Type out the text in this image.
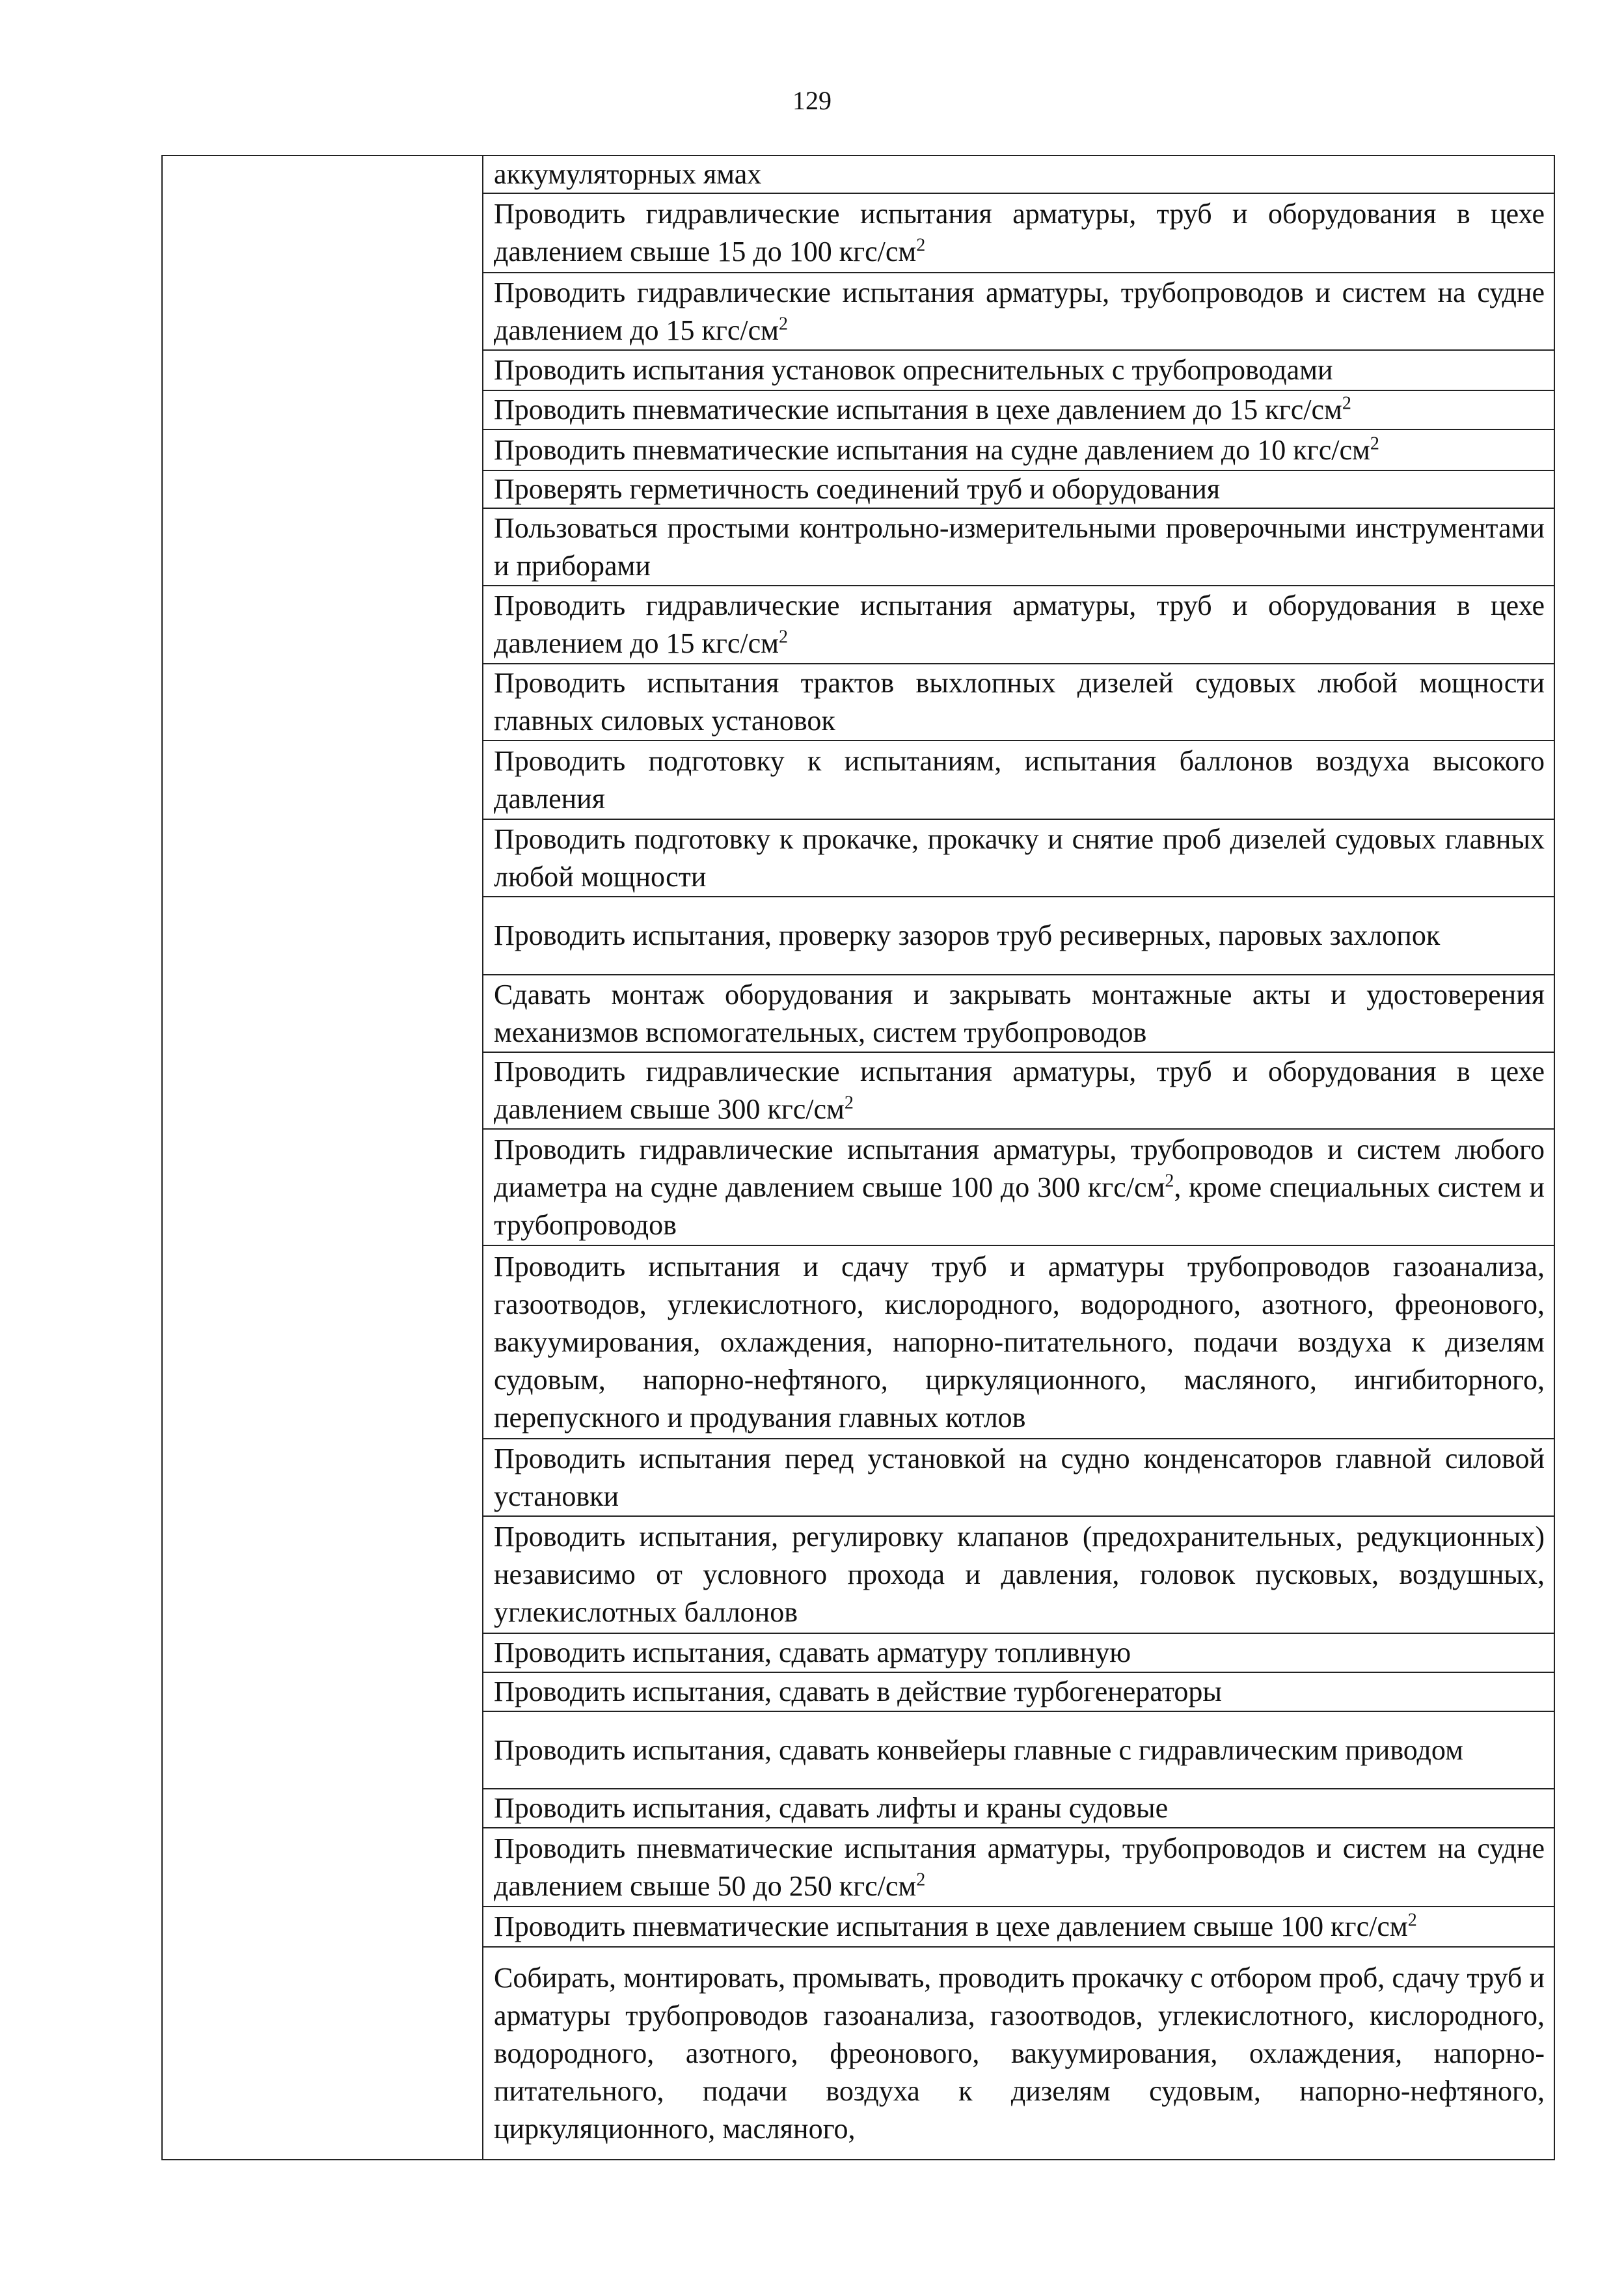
129
аккумуляторных ямах
Проводить гидравлические испытания арматуры, труб и оборудования в цехе давлением свыше 15 до 100 кгс/$см^2$
Проводить гидравлические испытания арматуры, трубопроводов и систем на судне давлением до 15 кгс/$см^2$
Проводить испытания установок опреснительных с трубопроводами
Проводить пневматические испытания в цехе давлением до 15 кгс/$см^2$
Проводить пневматические испытания на судне давлением до 10 кгс/$см^2$
Проверять герметичность соединений труб и оборудования
Пользоваться простыми контрольно-измерительными проверочными инструментами и приборами
Проводить гидравлические испытания арматуры, труб и оборудования в цехе давлением до 15 кгс/$см^2$
Проводить испытания трактов выхлопных дизелей судовых любой мощности главных силовых установок
Проводить подготовку к испытаниям, испытания баллонов воздуха высокого давления
Проводить подготовку к прокачке, прокачку и снятие проб дизелей судовых главных любой мощности
Проводить испытания, проверку зазоров труб ресиверных, паровых захлопок
Сдавать монтаж оборудования и закрывать монтажные акты и удостоверения механизмов вспомогательных, систем трубопроводов
Проводить гидравлические испытания арматуры, труб и оборудования в цехе давлением свыше 300 кгс/$см^2$
Проводить гидравлические испытания арматуры, трубопроводов и систем любого диаметра на судне давлением свыше 100 до 300 кгс/$см^2$, кроме специальных систем и трубопроводов
Проводить испытания и сдачу труб и арматуры трубопроводов газоанализа, газоотводов, углекислотного, кислородного, водородного, азотного, фреонового, вакуумирования, охлаждения, напорно-питательного, подачи воздуха к дизелям судовым, напорно-нефтяного, циркуляционного, масляного, ингибиторного, перепускного и продувания главных котлов
Проводить испытания перед установкой на судно конденсаторов главной силовой установки
Проводить испытания, регулировку клапанов (предохранительных, редукционных) независимо от условного прохода и давления, головок пусковых, воздушных, углекислотных баллонов
Проводить испытания, сдавать арматуру топливную
Проводить испытания, сдавать в действие турбогенераторы
Проводить испытания, сдавать конвейеры главные с гидравлическим приводом
Проводить испытания, сдавать лифты и краны судовые
Проводить пневматические испытания арматуры, трубопроводов и систем на судне давлением свыше 50 до 250 кгс/$см^2$
Проводить пневматические испытания в цехе давлением свыше 100 кгс/$см^2$
Собирать, монтировать, промывать, проводить прокачку с отбором проб, сдачу труб и арматуры трубопроводов газоанализа, газоотводов, углекислотного, кислородного, водородного, азотного, фреонового, вакуумирования, охлаждения, напорно-питательного, подачи воздуха к дизелям судовым, напорно-нефтяного, циркуляционного, масляного,
